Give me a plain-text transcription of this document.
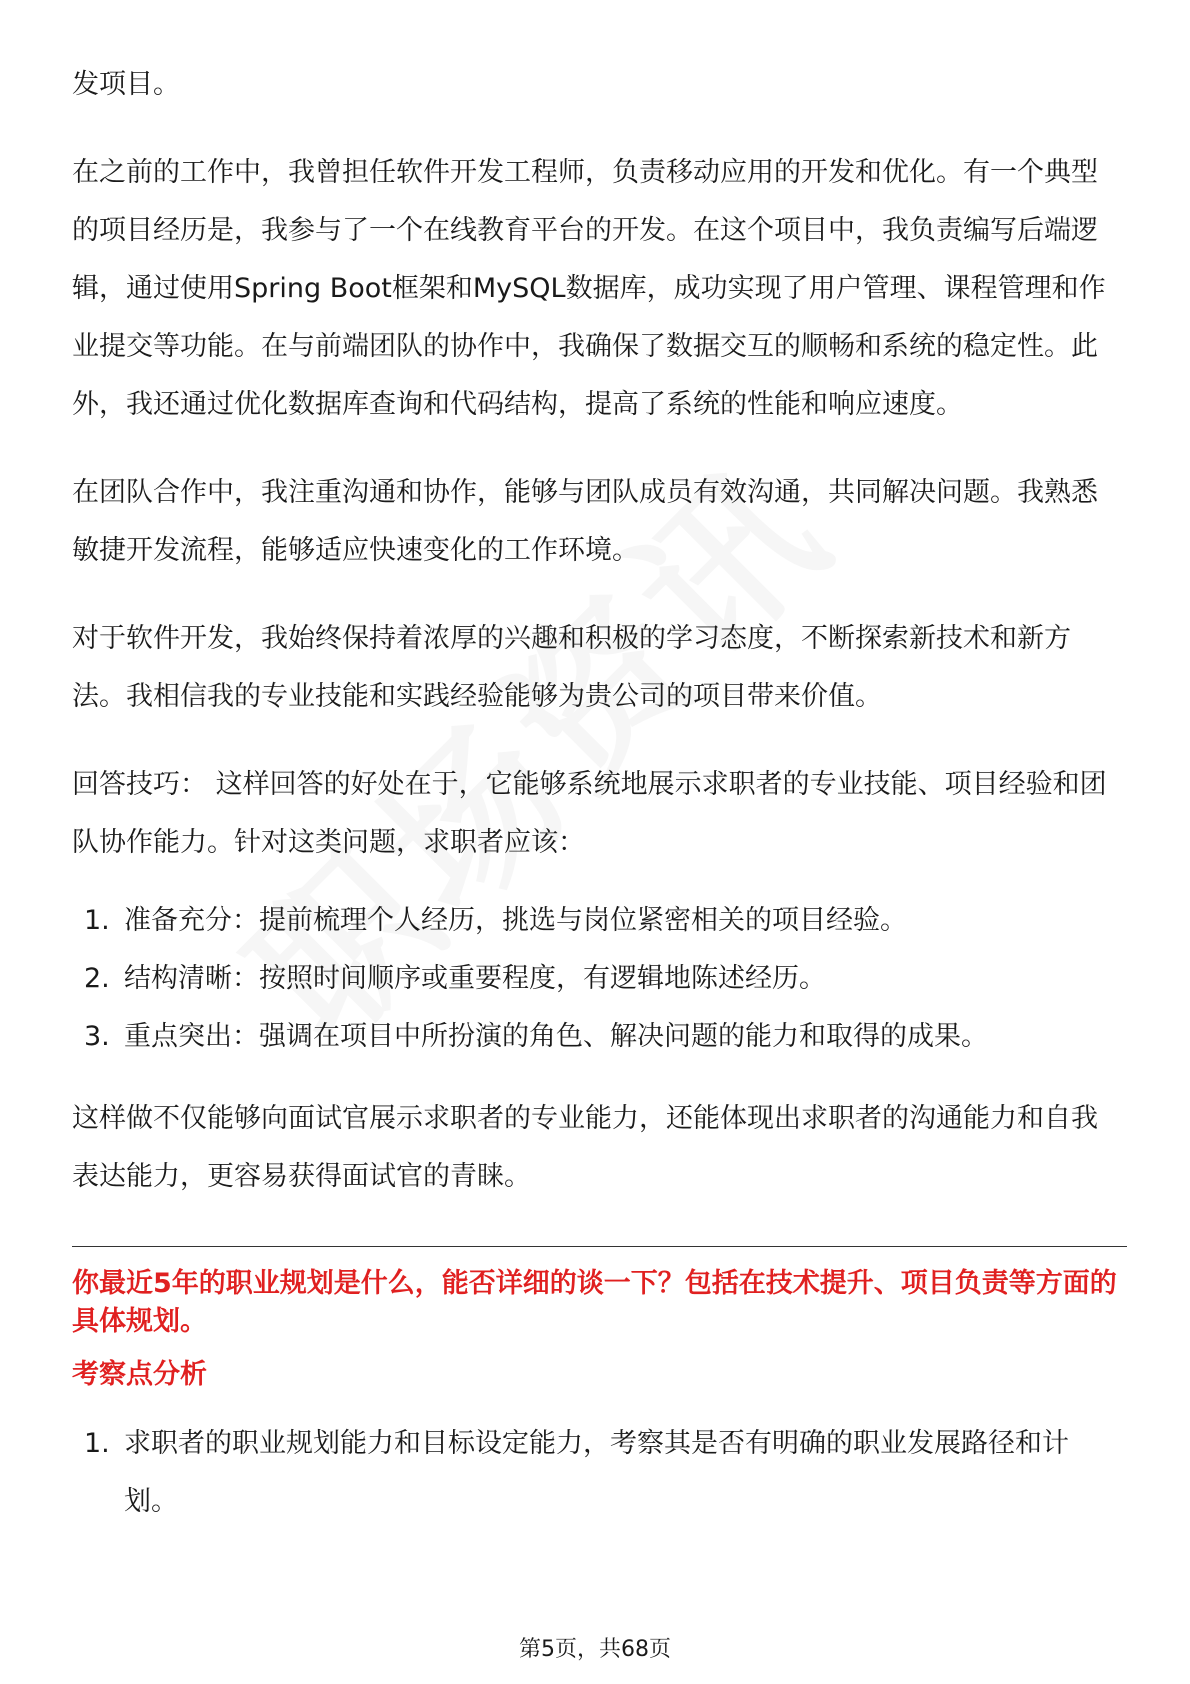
发项目。

在之前的工作中，我曾担任软件开发工程师，负责移动应用的开发和优化。有一个典型的项目经历是，我参与了一个在线教育平台的开发。在这个项目中，我负责编写后端逻辑，通过使用Spring Boot框架和MySQL数据库，成功实现了用户管理、课程管理和作业提交等功能。在与前端团队的协作中，我确保了数据交互的顺畅和系统的稳定性。此外，我还通过优化数据库查询和代码结构，提高了系统的性能和响应速度。

在团队合作中，我注重沟通和协作，能够与团队成员有效沟通，共同解决问题。我熟悉敏捷开发流程，能够适应快速变化的工作环境。

对于软件开发，我始终保持着浓厚的兴趣和积极的学习态度，不断探索新技术和新方法。我相信我的专业技能和实践经验能够为贵公司的项目带来价值。

回答技巧： 这样回答的好处在于，它能够系统地展示求职者的专业技能、项目经验和团队协作能力。针对这类问题，求职者应该：

1. 准备充分：提前梳理个人经历，挑选与岗位紧密相关的项目经验。
2. 结构清晰：按照时间顺序或重要程度，有逻辑地陈述经历。
3. 重点突出：强调在项目中所扮演的角色、解决问题的能力和取得的成果。

这样做不仅能够向面试官展示求职者的专业能力，还能体现出求职者的沟通能力和自我表达能力，更容易获得面试官的青睐。

你最近5年的职业规划是什么，能否详细的谈一下？包括在技术提升、项目负责等方面的具体规划。

考察点分析

1. 求职者的职业规划能力和目标设定能力，考察其是否有明确的职业发展路径和计划。
第5页，共68页
